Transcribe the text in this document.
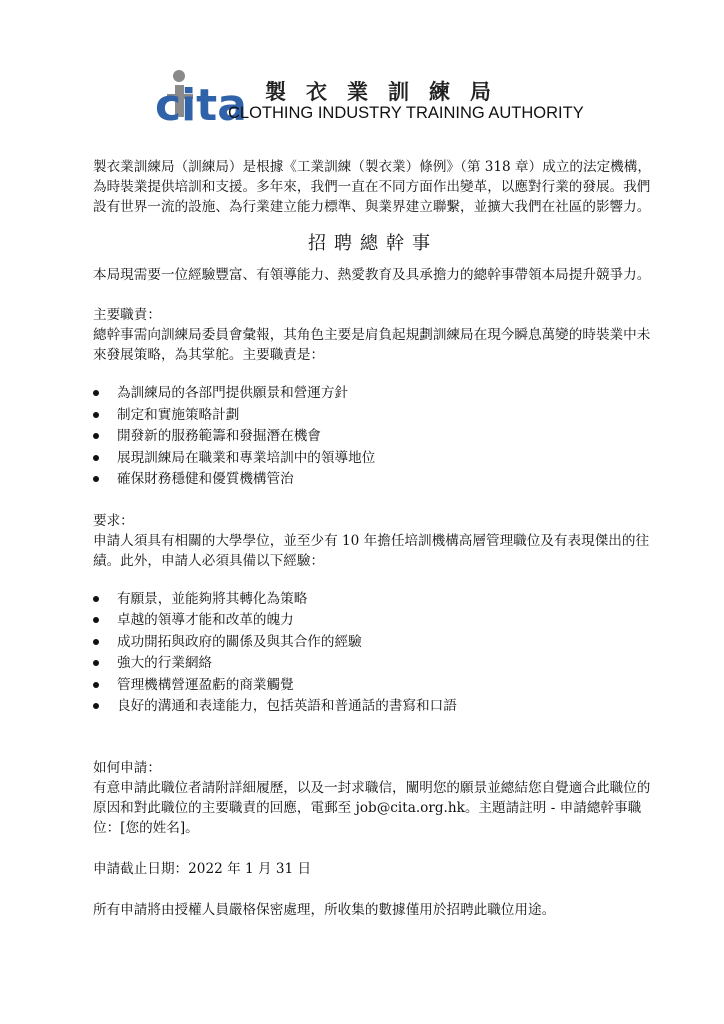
cita 製衣業訓練局
CLOTHING INDUSTRY TRAINING AUTHORITY

製衣業訓練局（訓練局）是根據《工業訓練（製衣業）條例》（第 318 章）成立的法定機構，為時裝業提供培訓和支援。多年來，我們一直在不同方面作出變革，以應對行業的發展。我們設有世界一流的設施、為行業建立能力標準、與業界建立聯繫，並擴大我們在社區的影響力。

招聘總幹事

本局現需要一位經驗豐富、有領導能力、熱愛教育及具承擔力的總幹事帶領本局提升競爭力。

主要職責：

總幹事需向訓練局委員會彙報，其角色主要是肩負起規劃訓練局在現今瞬息萬變的時裝業中未來發展策略，為其掌舵。主要職責是：

為訓練局的各部門提供願景和營運方針
制定和實施策略計劃
開發新的服務範籌和發掘潛在機會
展現訓練局在職業和專業培訓中的領導地位
確保財務穩健和優質機構管治

要求：

申請人須具有相關的大學學位，並至少有 10 年擔任培訓機構高層管理職位及有表現傑出的往績。此外，申請人必須具備以下經驗：

有願景，並能夠將其轉化為策略
卓越的領導才能和改革的魄力
成功開拓與政府的關係及與其合作的經驗
強大的行業網絡
管理機構營運盈虧的商業觸覺
良好的溝通和表達能力，包括英語和普通話的書寫和口語

如何申請：

有意申請此職位者請附詳細履歷，以及一封求職信，闡明您的願景並總結您自覺適合此職位的原因和對此職位的主要職責的回應，電郵至 job@cita.org.hk。主題請註明 - 申請總幹事職位：[您的姓名]。

申請截止日期：2022 年 1 月 31 日

所有申請將由授權人員嚴格保密處理，所收集的數據僅用於招聘此職位用途。
